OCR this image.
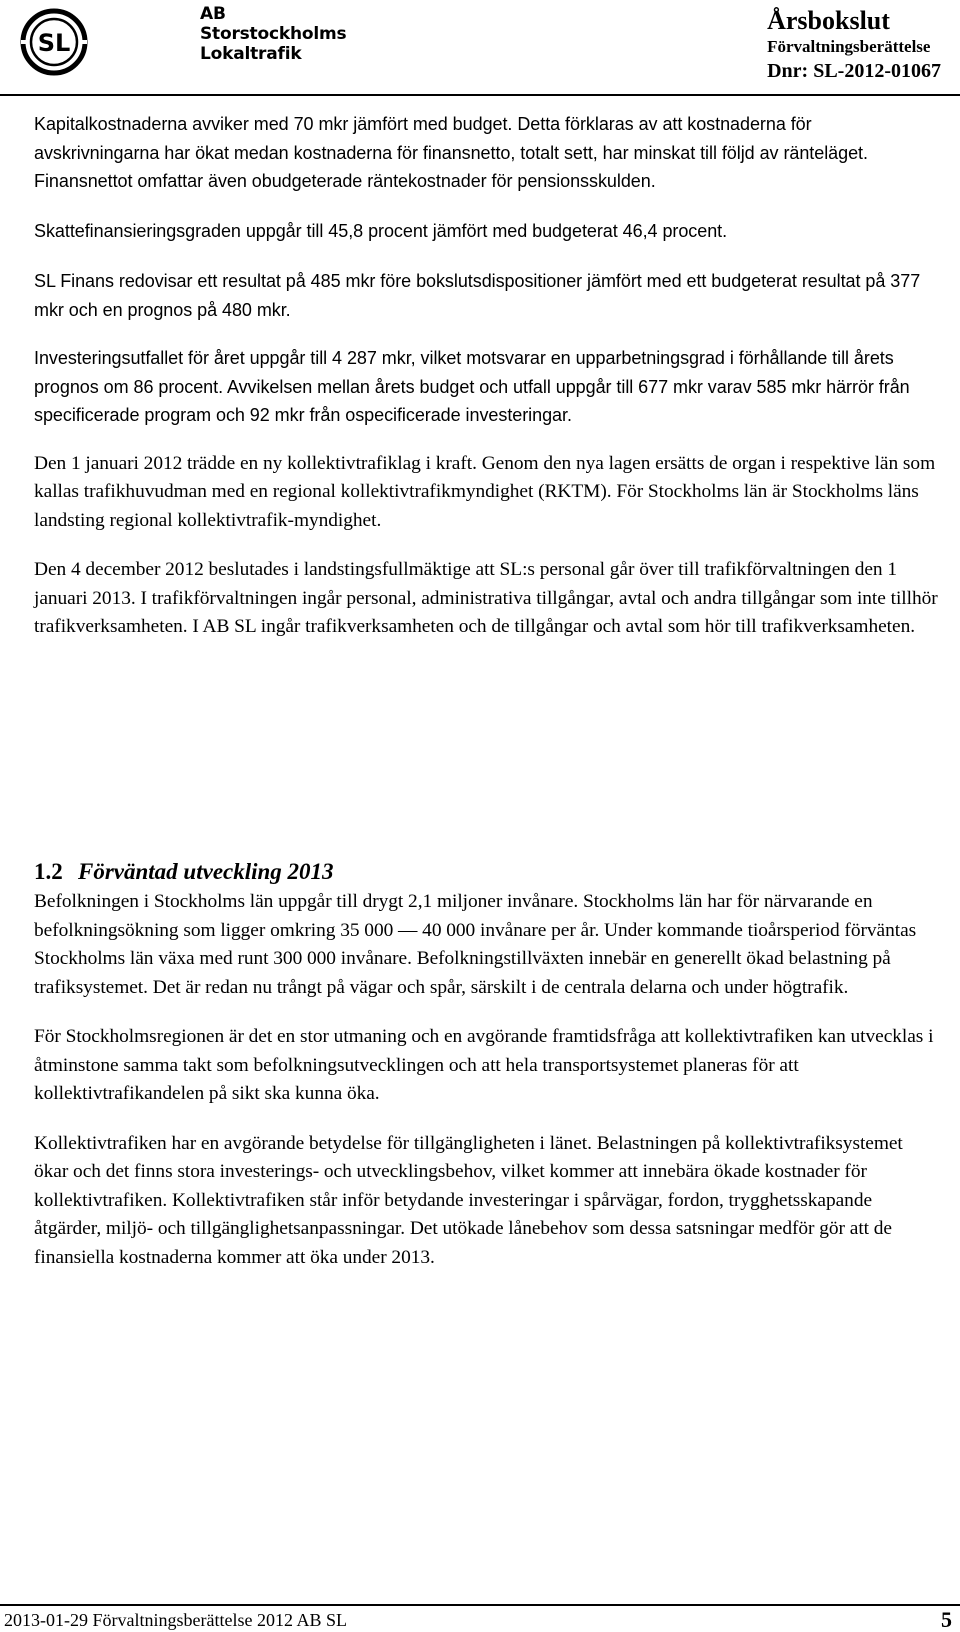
SL
AB
Storstockholms
Lokaltrafik
Årsbokslut
Förvaltningsberättelse
Dnr: SL-2012-01067

Kapitalkostnaderna avviker med 70 mkr jämfört med budget. Detta förklaras av att kostnaderna för avskrivningarna har ökat medan kostnaderna för finansnetto, totalt sett, har minskat till följd av ränteläget. Finansnettot omfattar även obudgeterade räntekostnader för pensionsskulden.

Skattefinansieringsgraden uppgår till 45,8 procent jämfört med budgeterat 46,4 procent.

SL Finans redovisar ett resultat på 485 mkr före bokslutsdispositioner jämfört med ett budgeterat resultat på 377 mkr och en prognos på 480 mkr.

Investeringsutfallet för året uppgår till 4 287 mkr, vilket motsvarar en upparbetningsgrad i förhållande till årets prognos om 86 procent. Avvikelsen mellan årets budget och utfall uppgår till 677 mkr varav 585 mkr härrör från specificerade program och 92 mkr från ospecificerade investeringar.

Den 1 januari 2012 trädde en ny kollektivtrafiklag i kraft. Genom den nya lagen ersätts de organ i respektive län som kallas trafikhuvudman med en regional kollektivtrafikmyndighet (RKTM). För Stockholms län är Stockholms läns landsting regional kollektivtrafik-myndighet.

Den 4 december 2012 beslutades i landstingsfullmäktige att SL:s personal går över till trafikförvaltningen den 1 januari 2013. I trafikförvaltningen ingår personal, administrativa tillgångar, avtal och andra tillgångar som inte tillhör trafikverksamheten. I AB SL ingår trafikverksamheten och de tillgångar och avtal som hör till trafikverksamheten.

1.2 Förväntad utveckling 2013

Befolkningen i Stockholms län uppgår till drygt 2,1 miljoner invånare. Stockholms län har för närvarande en befolkningsökning som ligger omkring 35 000 — 40 000 invånare per år. Under kommande tioårsperiod förväntas Stockholms län växa med runt 300 000 invånare. Befolkningstillväxten innebär en generellt ökad belastning på trafiksystemet. Det är redan nu trångt på vägar och spår, särskilt i de centrala delarna och under högtrafik.

För Stockholmsregionen är det en stor utmaning och en avgörande framtidsfråga att kollektivtrafiken kan utvecklas i åtminstone samma takt som befolkningsutvecklingen och att hela transportsystemet planeras för att kollektivtrafikandelen på sikt ska kunna öka.

Kollektivtrafiken har en avgörande betydelse för tillgängligheten i länet. Belastningen på kollektivtrafiksystemet ökar och det finns stora investerings- och utvecklingsbehov, vilket kommer att innebära ökade kostnader för kollektivtrafiken. Kollektivtrafiken står inför betydande investeringar i spårvägar, fordon, trygghetsskapande åtgärder, miljö- och tillgänglighetsanpassningar. Det utökade lånebehov som dessa satsningar medför gör att de finansiella kostnaderna kommer att öka under 2013.

2013-01-29 Förvaltningsberättelse 2012 AB SL	5
